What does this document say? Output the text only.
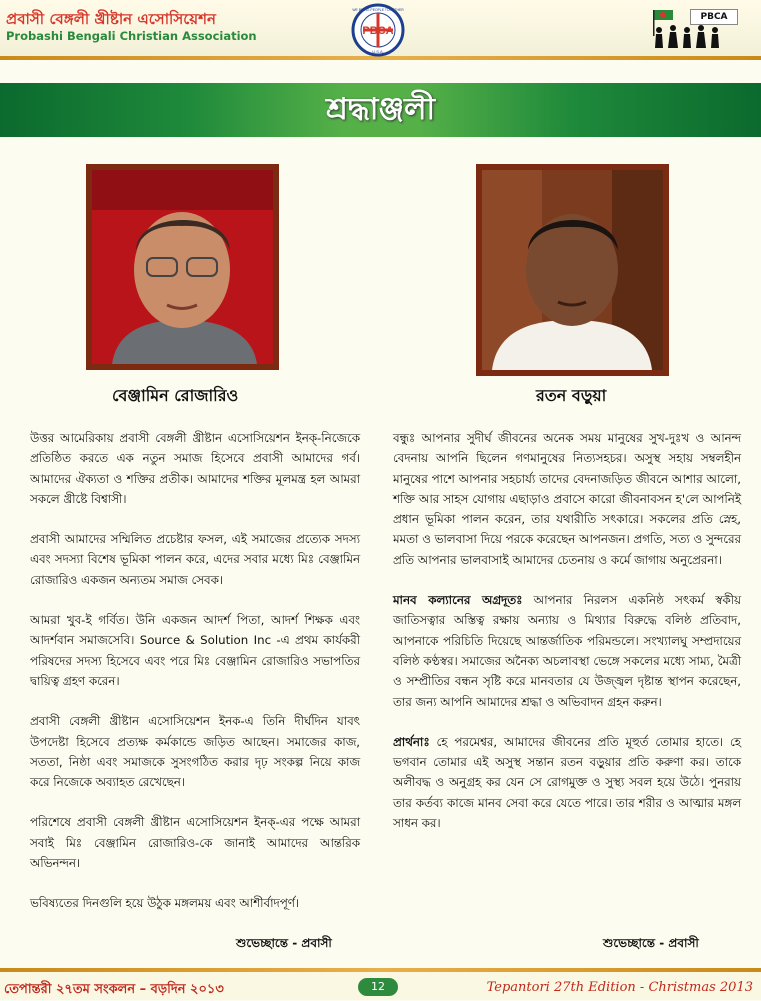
প্রবাসী বেঙ্গলী খ্রীষ্টান এসোসিয়েশন
Probashi Bengali Christian Association	PBCA
WE BRING PEOPLE TOGETHER
U.S.A.
PBCA
শ্রদ্ধাঞ্জলী
বেঞ্জামিন রোজারিও	রতন বড়ুয়া

উত্তর আমেরিকায় প্রবাসী বেঙ্গলী খ্রীষ্টান এসোসিয়েশন ইনক্-নিজেকে প্রতিষ্ঠিত করতে এক নতুন সমাজ হিসেবে প্রবাসী আমাদের গর্ব। আমাদের ঐক্যতা ও শক্তির প্রতীক। আমাদের শক্তির মূলমন্ত্র হল আমরা সকলে খ্রীষ্টে বিশ্বাসী।

প্রবাসী আমাদের সম্মিলিত প্রচেষ্টার ফসল, এই সমাজের প্রত্যেক সদস্য এবং সদস্যা বিশেষ ভূমিকা পালন করে, এদের সবার মধ্যে মিঃ বেঞ্জামিন রোজারিও একজন অন্যতম সমাজ সেবক।

আমরা খুব-ই গর্বিত। উনি একজন আদর্শ পিতা, আদর্শ শিক্ষক এবং আদর্শবান সমাজসেবি। Source & Solution Inc -এ প্রথম কার্যকরী পরিষদের সদস্য হিসেবে এবং পরে মিঃ বেঞ্জামিন রোজারিও সভাপতির দ্বায়িত্ব গ্রহণ করেন।

প্রবাসী বেঙ্গলী খ্রীষ্টান এসোসিয়েশন ইনক-এ তিনি দীর্ঘদিন যাবৎ উপদেষ্টা হিসেবে প্রত্যক্ষ কর্মকান্ডে জড়িত আছেন। সমাজের কাজ, সততা, নিষ্ঠা এবং সমাজকে সুসংগঠিত করার দৃঢ় সংকল্প নিয়ে কাজ করে নিজেকে অব্যাহত রেখেছেন।

পরিশেষে প্রবাসী বেঙ্গলী খ্রীষ্টান এসোসিয়েশন ইনক্-এর পক্ষে আমরা সবাই মিঃ বেঞ্জামিন রোজারিও-কে জানাই আমাদের আন্তরিক অভিনন্দন।

ভবিষ্যতের দিনগুলি হয়ে উঠুক মঙ্গলময় এবং আশীর্বাদপূর্ণ।

শুভেচ্ছান্তে - প্রবাসী

বন্ধুঃ আপনার সুদীর্ঘ জীবনের অনেক সময় মানুষের সুখ-দুঃখ ও আনন্দ বেদনায় আপনি ছিলেন গণমানুষের নিত্যসহচর। অসুস্থ সহায় সম্বলহীন মানুষের পাশে আপনার সহচার্য্য তাদের বেদনাজড়িত জীবনে আশার আলো, শক্তি আর সাহস যোগায় এছাড়াও প্রবাসে কারো জীবনাবসন হ'লে আপনিই প্রধান ভূমিকা পালন করেন, তার যথারীতি সৎকারে। সকলের প্রতি স্নেহ, মমতা ও ভালবাসা দিয়ে পরকে করেছেন আপনজন। প্রগতি, সত্য ও সুন্দরের প্রতি আপনার ভালবাসাই আমাদের চেতনায় ও কর্মে জাগায় অনুপ্রেরনা।

মানব কল্যানের অগ্রদূতঃ আপনার নিরলস একনিষ্ঠ সৎকর্ম স্বকীয় জাতিসত্বার অস্তিত্ব রক্ষায় অন্যায় ও মিথ্যার বিরুদ্ধে বলিষ্ঠ প্রতিবাদ, আপনাকে পরিচিতি দিয়েছে আন্তর্জাতিক পরিমন্ডলে। সংখ্যালঘু সম্প্রদায়ের বলিষ্ঠ কণ্ঠস্বর। সমাজের অনৈক্য অচলাবস্থা ভেঙ্গে সকলের মধ্যে সাম্য, মৈত্রী ও সম্প্রীতির বন্ধন সৃষ্টি করে মানবতার যে উজ্জ্বল দৃষ্টান্ত স্থাপন করেছেন, তার জন্য আপনি আমাদের শ্রদ্ধা ও অভিবাদন গ্রহন করুন।

প্রার্থনাঃ হে পরমেশ্বর, আমাদের জীবনের প্রতি মূহুর্ত তোমার হাতে। হে ভগবান তোমার এই অসুস্থ সন্তান রতন বড়ুয়ার প্রতি করুণা কর। তাকে অলীবদ্ধ ও অনুগ্রহ কর যেন সে রোগমুক্ত ও সুস্থ্য সবল হয়ে উঠে। পুনরায় তার কর্তব্য কাজে মানব সেবা করে যেতে পারে। তার শরীর ও আত্মার মঙ্গল সাধন কর।

শুভেচ্ছান্তে - প্রবাসী
তেপান্তরী ২৭তম সংকলন – বড়দিন ২০১৩	12	Tepantori 27th Edition - Christmas 2013
